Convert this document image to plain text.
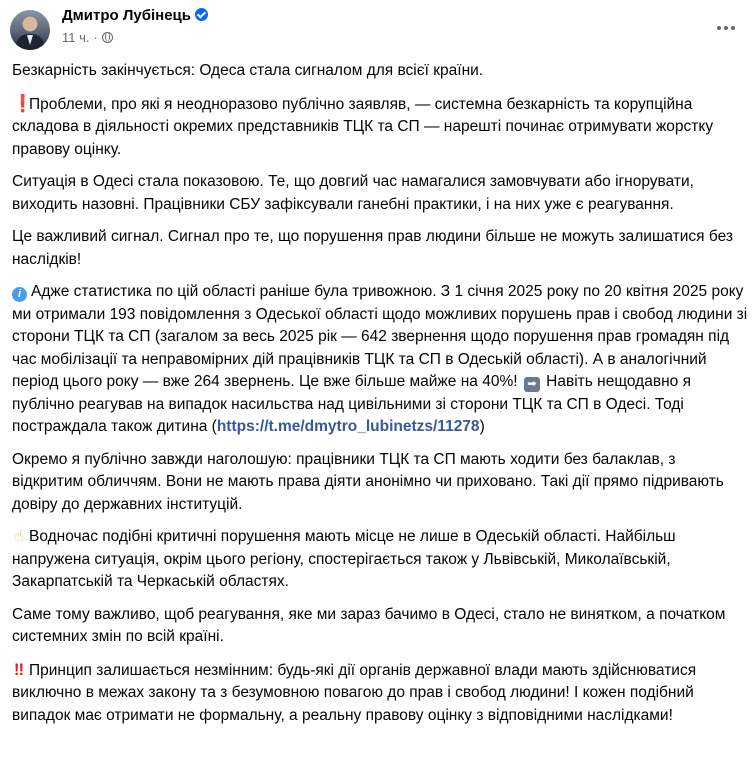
Дмитро Лубінець
11 ч. ·

Безкарність закінчується: Одеса стала сигналом для всієї країни.

❗Проблеми, про які я неодноразово публічно заявляв, — системна безкарність та корупційна складова в діяльності окремих представників ТЦК та СП — нарешті починає отримувати жорстку правову оцінку.

Ситуація в Одесі стала показовою. Те, що довгий час намагалися замовчувати або ігнорувати, виходить назовні. Працівники СБУ зафіксували ганебні практики, і на них уже є реагування.

Це важливий сигнал. Сигнал про те, що порушення прав людини більше не можуть залишатися без наслідків!

i Адже статистика по цій області раніше була тривожною. З 1 січня 2025 року по 20 квітня 2025 року ми отримали 193 повідомлення з Одеської області щодо можливих порушень прав і свобод людини зі сторони ТЦК та СП (загалом за весь 2025 рік — 642 звернення щодо порушення прав громадян під час мобілізації та неправомірних дій працівників ТЦК та СП в Одеській області). А в аналогічний період цього року — вже 264 звернень. Це вже більше майже на 40%! ➡ Навіть нещодавно я публічно реагував на випадок насильства над цивільними зі сторони ТЦК та СП в Одесі. Тоді постраждала також дитина (https://t.me/dmytro_lubinetzs/11278)

Окремо я публічно завжди наголошую: працівники ТЦК та СП мають ходити без балаклав, з відкритим обличчям. Вони не мають права діяти анонімно чи приховано. Такі дії прямо підривають довіру до державних інституцій.

☝ Водночас подібні критичні порушення мають місце не лише в Одеській області. Найбільш напружена ситуація, окрім цього регіону, спостерігається також у Львівській, Миколаївській, Закарпатській та Черкаській областях.

Саме тому важливо, щоб реагування, яке ми зараз бачимо в Одесі, стало не винятком, а початком системних змін по всій країні.

‼ Принцип залишається незмінним: будь-які дії органів державної влади мають здійснюватися виключно в межах закону та з безумовною повагою до прав і свобод людини! І кожен подібний випадок має отримати не формальну, а реальну правову оцінку з відповідними наслідками!
